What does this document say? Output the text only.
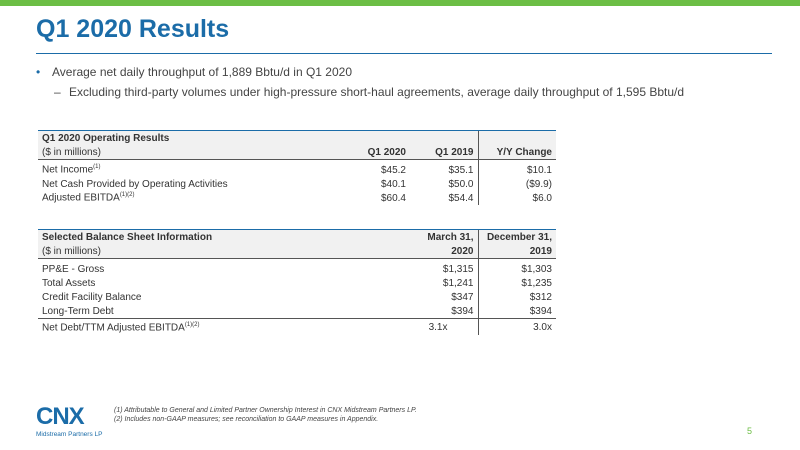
Q1 2020 Results
• Average net daily throughput of 1,889 Bbtu/d in Q1 2020
– Excluding third-party volumes under high-pressure short-haul agreements, average daily throughput of 1,595 Bbtu/d
Q1 2020 Operating Results			
($ in millions)	Q1 2020	Q1 2019	Y/Y Change
Net Income$^{(1)}$	$45.2	$35.1	$10.1
Net Cash Provided by Operating Activities	$40.1	$50.0	($9.9)
Adjusted $EBITDA^{(1)(2)}$	$60.4	$54.4	$6.0
Selected Balance Sheet Information	March 31,	December 31,
($ in millions)	2020	2019
PP&E - Gross	$1,315	$1,303
Total Assets	$1,241	$1,235
Credit Facility Balance	$347	$312
Long-Term Debt	$394	$394
Net Debt/TTM Adjusted $EBITDA^{(1)(2)}$	3.1x	3.0x
CNX
Midstream Partners LP
(1) Attributable to General and Limited Partner Ownership Interest in CNX Midstream Partners LP.
(2) Includes non-GAAP measures; see reconciliation to GAAP measures in Appendix.
5
